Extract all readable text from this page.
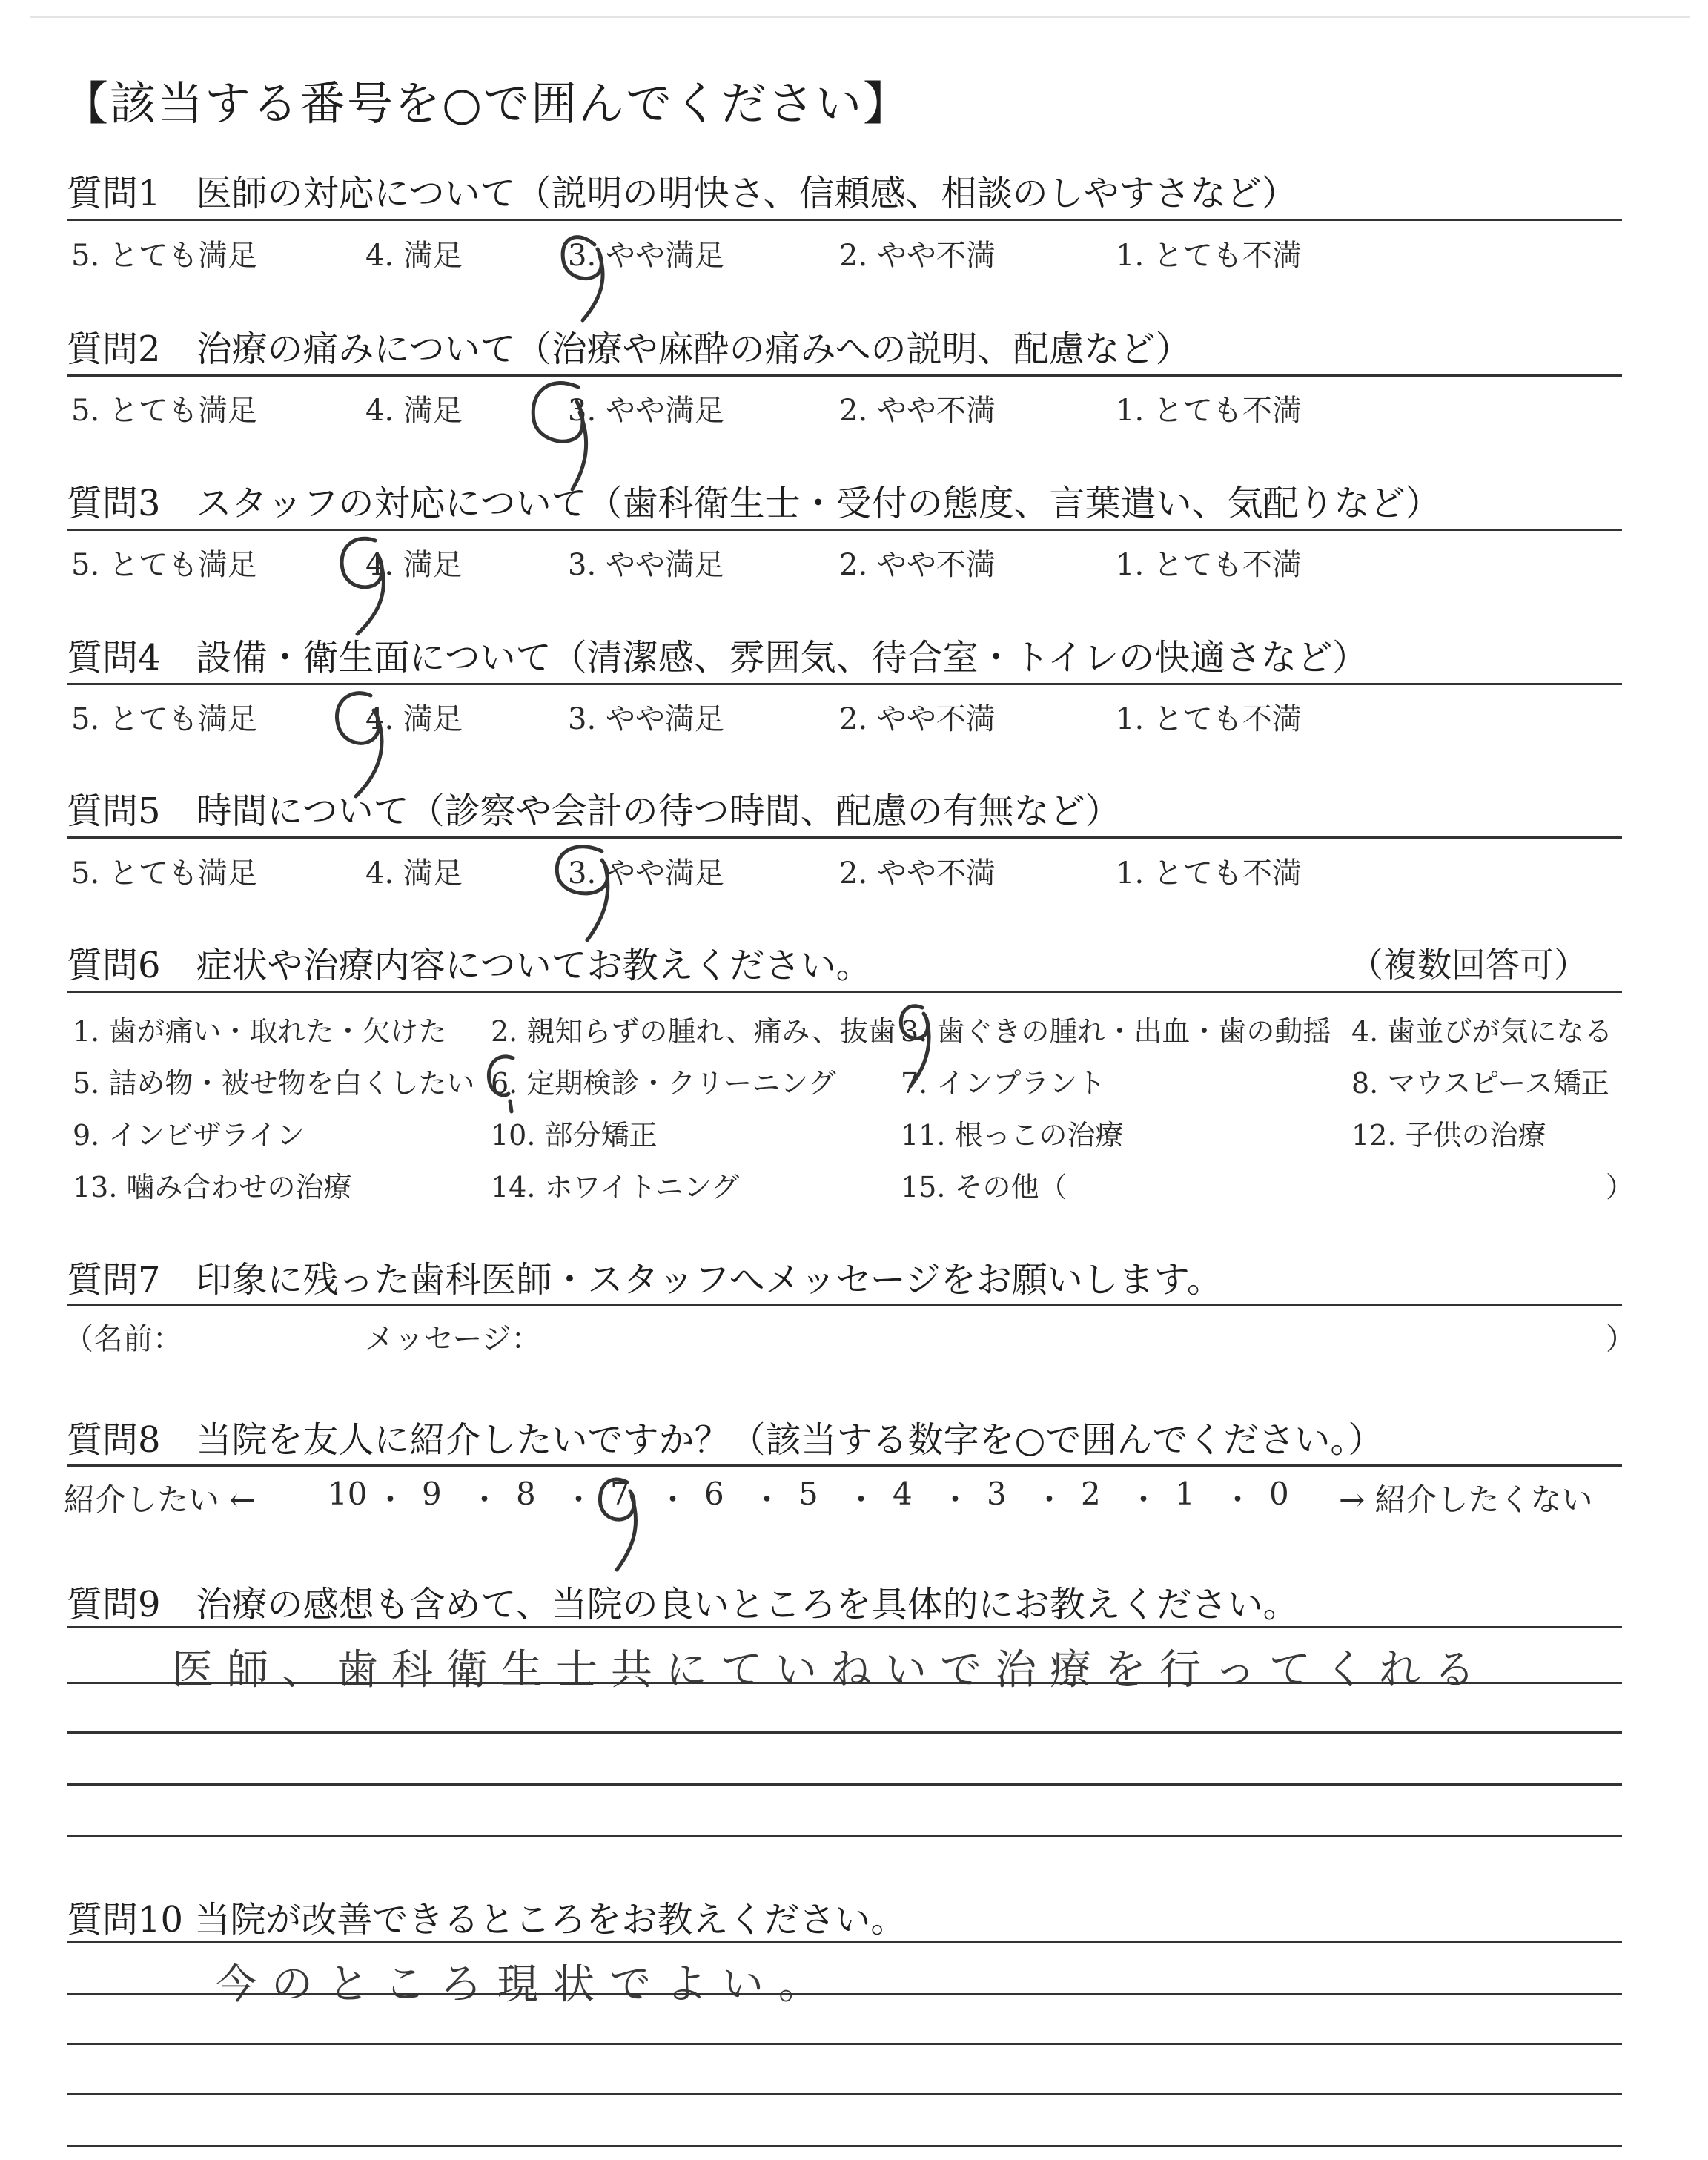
【該当する番号を○で囲んでください】
質問1　医師の対応について（説明の明快さ、信頼感、相談のしやすさなど）
5. とても満足	4. 満足	3. やや満足	2. やや不満	1. とても不満
質問2　治療の痛みについて（治療や麻酔の痛みへの説明、配慮など）
5. とても満足	4. 満足	3. やや満足	2. やや不満	1. とても不満
質問3　スタッフの対応について（歯科衛生士・受付の態度、言葉遣い、気配りなど）
5. とても満足	4. 満足	3. やや満足	2. やや不満	1. とても不満
質問4　設備・衛生面について（清潔感、雰囲気、待合室・トイレの快適さなど）
5. とても満足	4. 満足	3. やや満足	2. やや不満	1. とても不満
質問5　時間について（診察や会計の待つ時間、配慮の有無など）
5. とても満足	4. 満足	3. やや満足	2. やや不満	1. とても不満
質問6　症状や治療内容についてお教えください。	（複数回答可）
1. 歯が痛い・取れた・欠けた 2. 親知らずの腫れ、痛み、抜歯 3. 歯ぐきの腫れ・出血・歯の動揺 4. 歯並びが気になる
5. 詰め物・被せ物を白くしたい 6. 定期検診・クリーニング 7. インプラント	8. マウスピース矯正
9. インビザライン	10. 部分矯正	11. 根っこの治療	12. 子供の治療
13. 噛み合わせの治療	14. ホワイトニング	15. その他（	）
質問7　印象に残った歯科医師・スタッフへメッセージをお願いします。
（名前：	メッセージ：	）
質問8　当院を友人に紹介したいですか？（該当する数字を○で囲んでください。）
紹介したい ← 10 ・ 9 ・ 8 ・ 7 ・ 6 ・ 5 ・ 4 ・ 3 ・ 2 ・ 1 ・ 0 → 紹介したくない
質問9　治療の感想も含めて、当院の良いところを具体的にお教えください。
医師、歯科衛生士共にていねいで治療を行ってくれる
質問10 当院が改善できるところをお教えください。
今のところ現状でよい。
